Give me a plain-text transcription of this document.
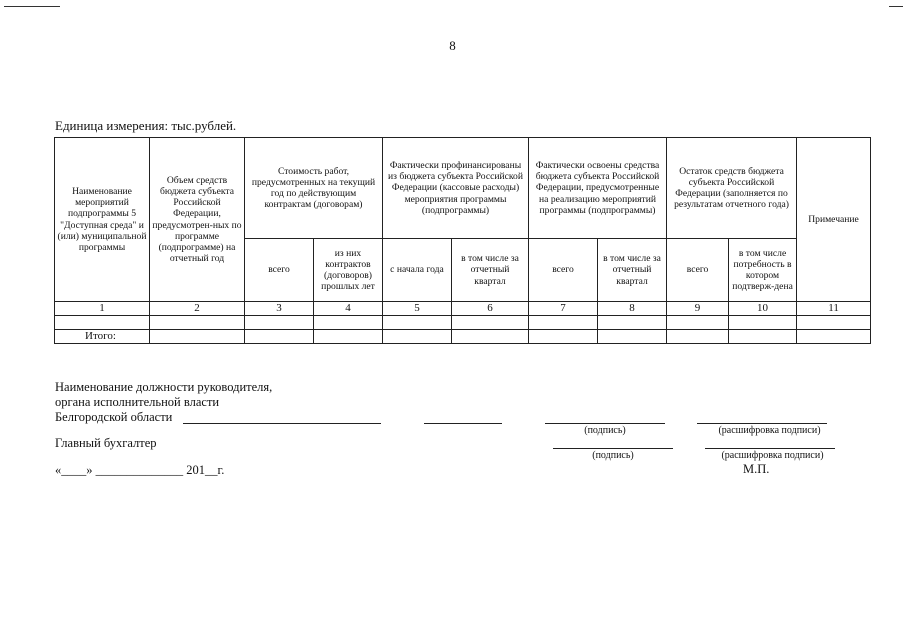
8
Единица измерения: тыс.рублей.
Наименование мероприятий подпрограммы 5 "Доступная среда" и (или) муниципальной программы	Объем средств бюджета субъекта Российской Федерации, предусмотрен-ных по программе (подпрограмме) на отчетный год	Стоимость работ, предусмотренных на текущий год по действующим контрактам (договорам)		Фактически профинансированы из бюджета субъекта Российской Федерации (кассовые расходы) мероприятия программы (подпрограммы)		Фактически освоены средства бюджета субъекта Российской Федерации, предусмотренные на реализацию мероприятий программы (подпрограммы)		Остаток средств бюджета субъекта Российской Федерации (заполняется по результатам отчетного года)		Примечание
		всего	из них контрактов (договоров) прошлых лет	с начала года	в том числе за отчетный квартал	всего	в том числе за отчетный квартал	всего	в том числе потребность в котором подтверж-дена	
1	2	3	4	5	6	7	8	9	10	11

Итого:										
Наименование должности руководителя,
органа исполнительной власти
Белгородской области
(подпись)	(расшифровка подписи)
Главный бухгалтер
(подпись)	(расшифровка подписи)
«____» ______________ 201__г.	М.П.
